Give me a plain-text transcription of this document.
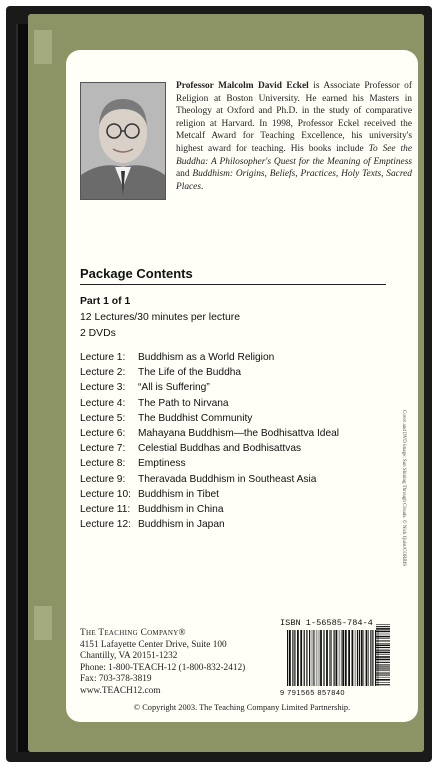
Professor Malcolm David Eckel is Associate Professor of Religion at Boston University. He earned his Masters in Theology at Oxford and Ph.D. in the study of comparative religion at Harvard. In 1998, Professor Eckel received the Metcalf Award for Teaching Excellence, his university's highest award for teaching. His books include To See the Buddha: A Philosopher's Quest for the Meaning of Emptiness and Buddhism: Origins, Beliefs, Practices, Holy Texts, Sacred Places.
Package Contents
Part 1 of 1
12 Lectures/30 minutes per lecture
2 DVDs
Lecture 1: Buddhism as a World Religion
Lecture 2: The Life of the Buddha
Lecture 3: “All is Suffering”
Lecture 4: The Path to Nirvana
Lecture 5: The Buddhist Community
Lecture 6: Mahayana Buddhism—the Bodhisattva Ideal
Lecture 7: Celestial Buddhas and Bodhisattvas
Lecture 8: Emptiness
Lecture 9: Theravada Buddhism in Southeast Asia
Lecture 10: Buddhism in Tibet
Lecture 11: Buddhism in China
Lecture 12: Buddhism in Japan	Cover and DVD image: Sun Shining Through Clouds. © Nick Quist/CORBIS
The Teaching Company®
4151 Lafayette Center Drive, Suite 100
Chantilly, VA 20151-1232
Phone: 1-800-TEACH-12 (1-800-832-2412)
Fax: 703-378-3819
www.TEACH12.com
ISBN 1-56585-784-4
9 791565 857840
© Copyright 2003. The Teaching Company Limited Partnership.
